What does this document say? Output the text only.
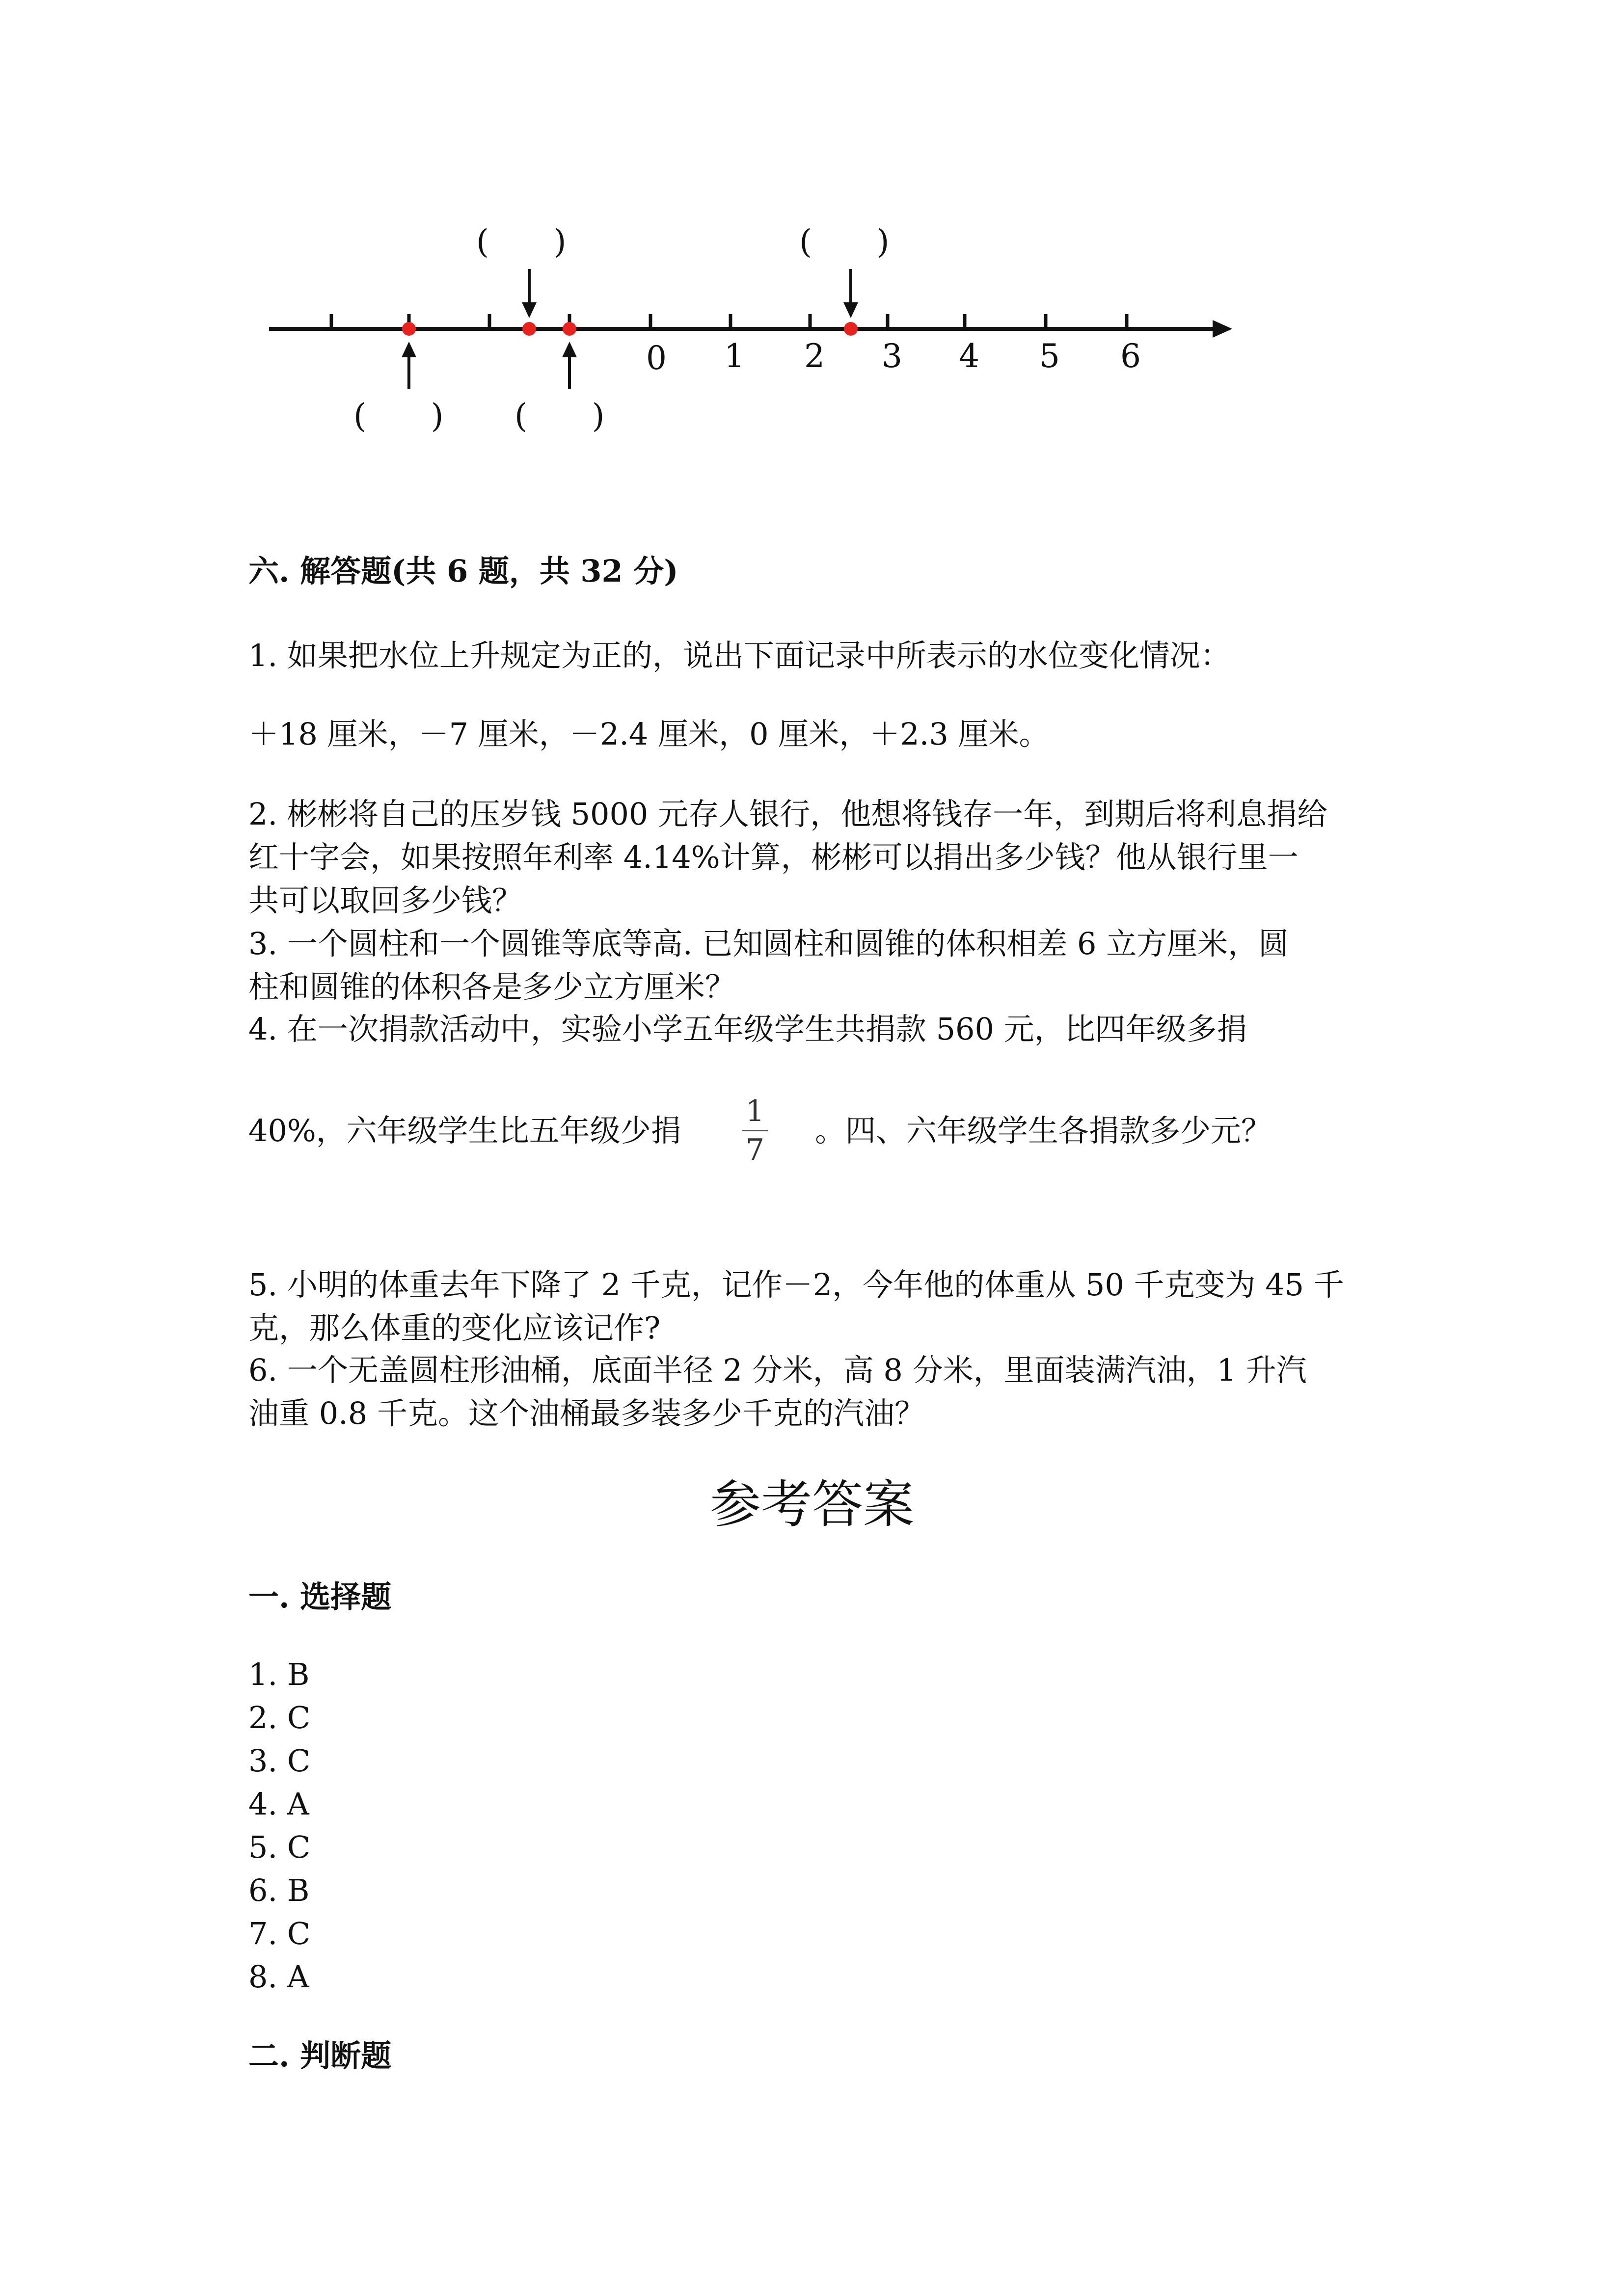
0 1 2 3 4 5 6
(　　)	(　　)
(　　) (　　)
六. 解答题(共 6 题，共 32 分)
1. 如果把水位上升规定为正的，说出下面记录中所表示的水位变化情况：
＋18 厘米，－7 厘米，－2.4 厘米，0 厘米，＋2.3 厘米。
2. 彬彬将自己的压岁钱 5000 元存人银行，他想将钱存一年，到期后将利息捐给
红十字会，如果按照年利率 4.14%计算，彬彬可以捐出多少钱？他从银行里一
共可以取回多少钱？
3. 一个圆柱和一个圆锥等底等高. 已知圆柱和圆锥的体积相差 6 立方厘米，圆
柱和圆锥的体积各是多少立方厘米？
4. 在一次捐款活动中，实验小学五年级学生共捐款 560 元，比四年级多捐
40%，六年级学生比五年级少捐
1
7
。四、六年级学生各捐款多少元？
5. 小明的体重去年下降了 2 千克，记作－2，今年他的体重从 50 千克变为 45 千
克，那么体重的变化应该记作?
6. 一个无盖圆柱形油桶，底面半径 2 分米，高 8 分米，里面装满汽油，1 升汽
油重 0.8 千克。这个油桶最多装多少千克的汽油？
参考答案
一. 选择题
1. B
2. C
3. C
4. A
5. C
6. B
7. C
8. A
二. 判断题
